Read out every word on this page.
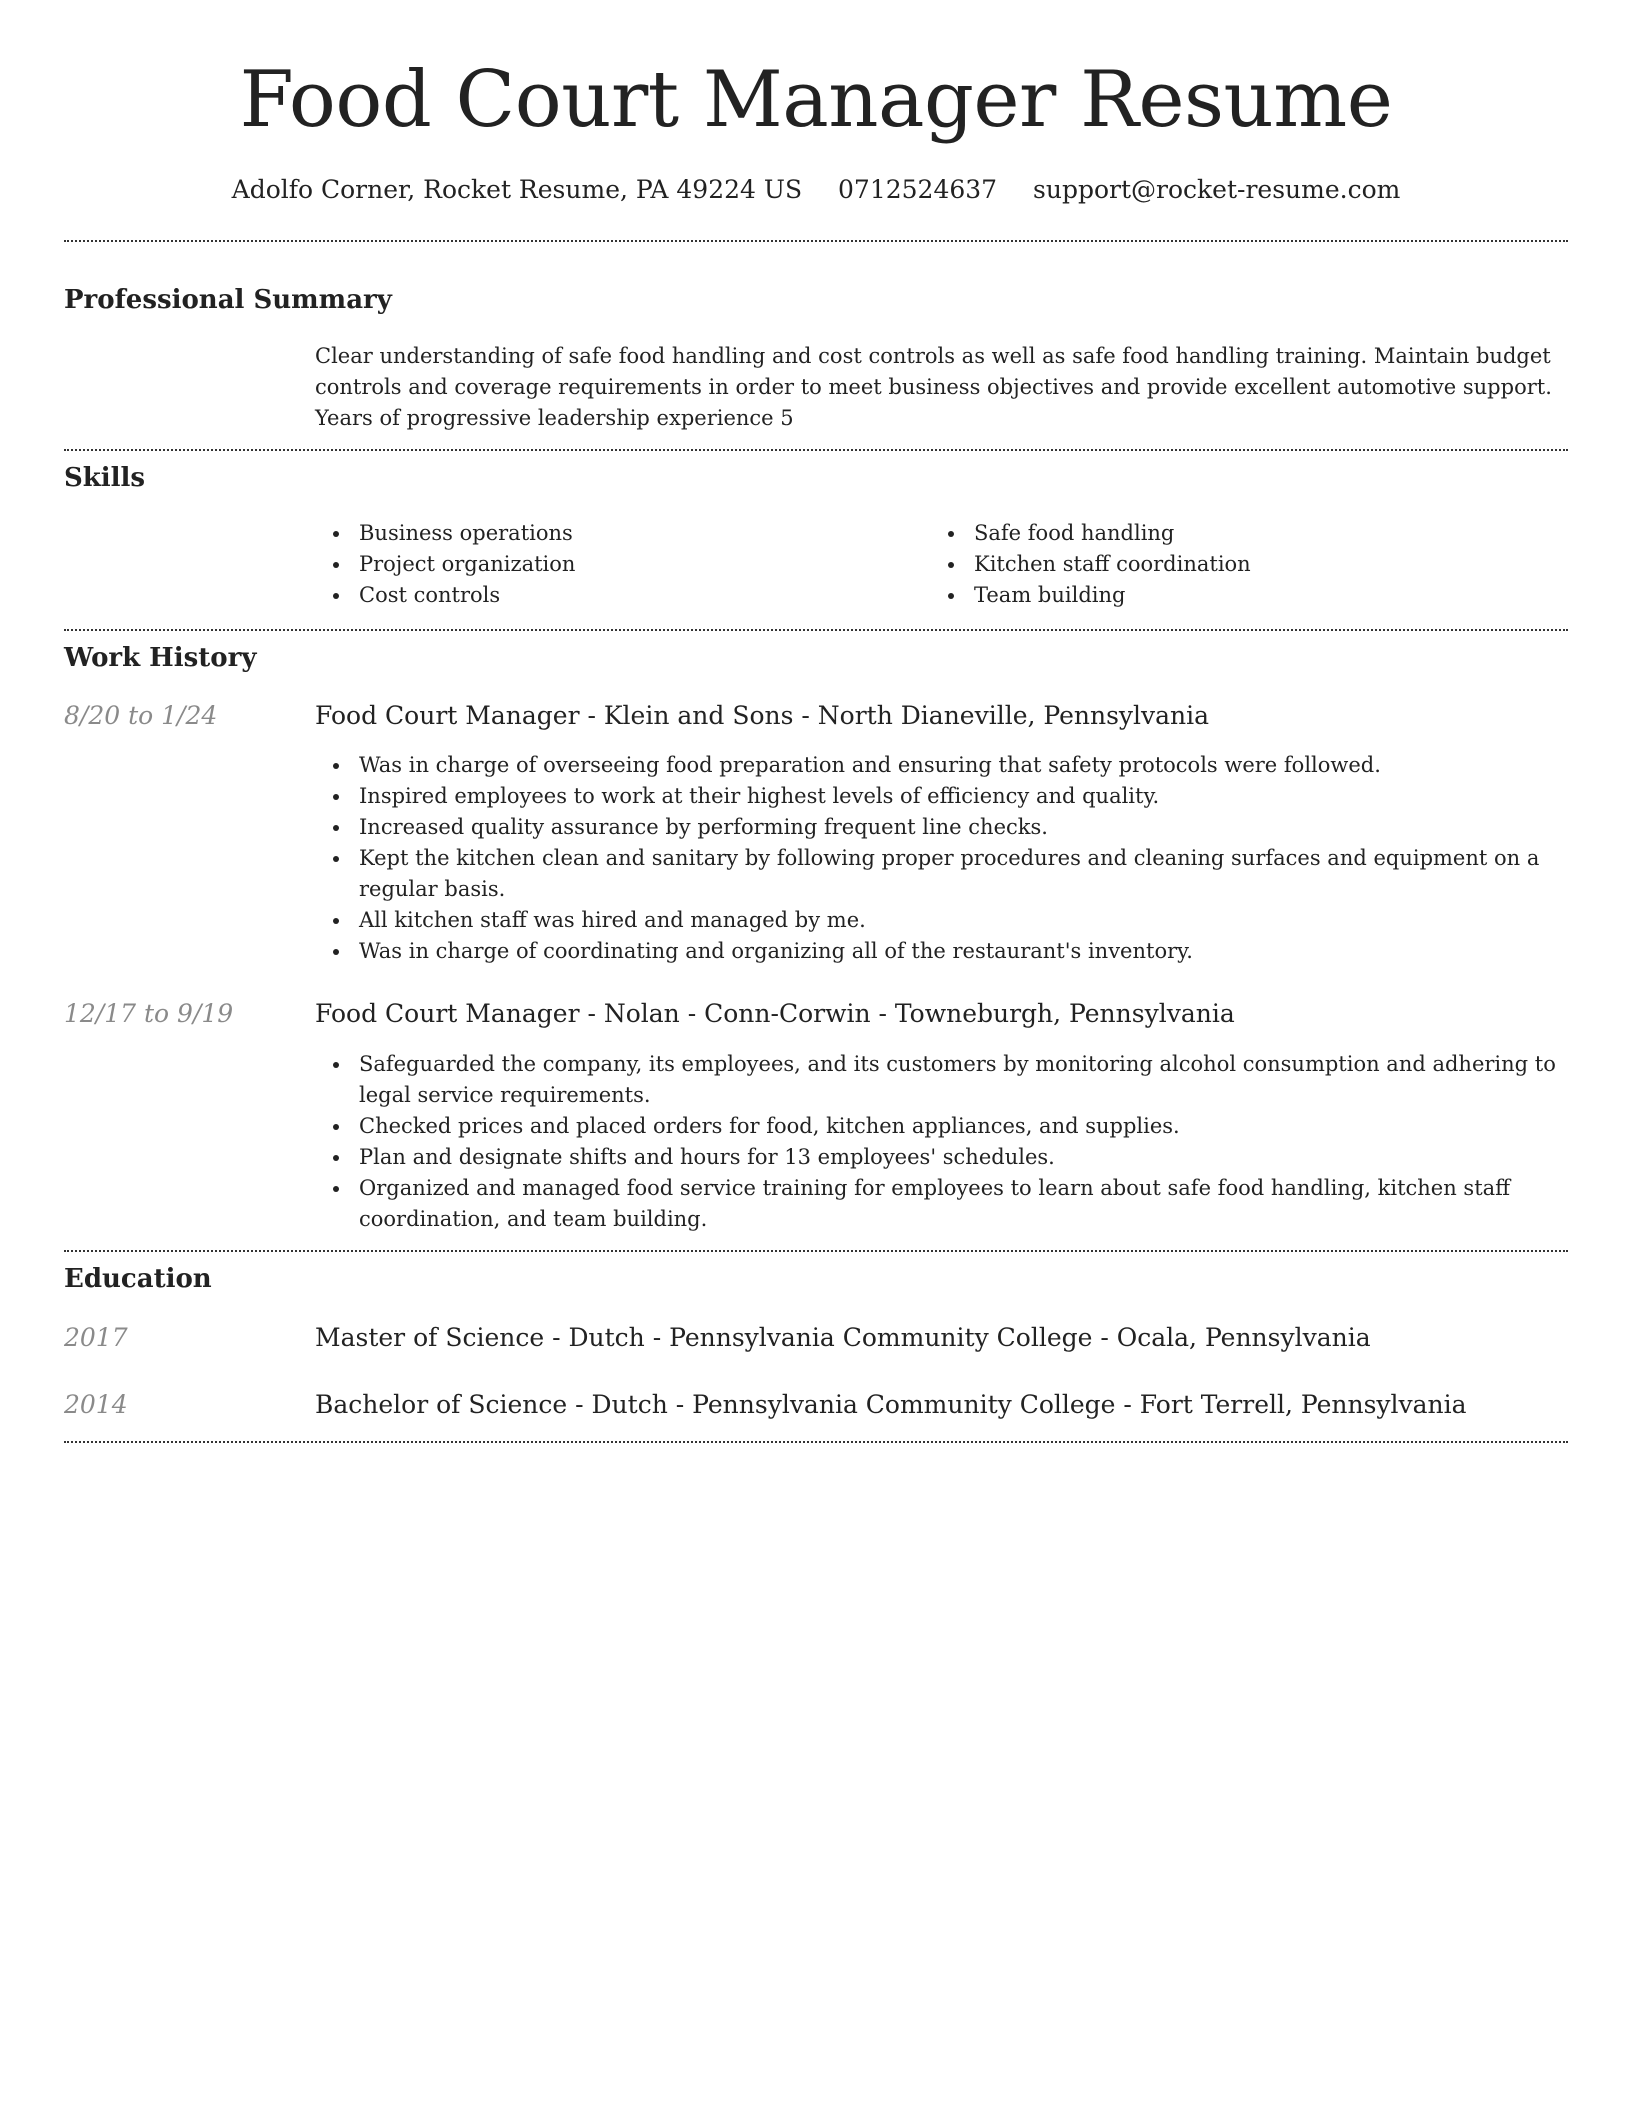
Food Court Manager Resume
Adolfo Corner, Rocket Resume, PA 49224 US 0712524637 support@rocket-resume.com
Professional Summary

Clear understanding of safe food handling and cost controls as well as safe food handling training. Maintain budget controls and coverage requirements in order to meet business objectives and provide excellent automotive support. Years of progressive leadership experience 5

Skills
Business operations
Project organization
Cost controls
Safe food handling
Kitchen staff coordination
Team building
Work History
8/20 to 1/24	Food Court Manager - Klein and Sons - North Dianeville, Pennsylvania
Was in charge of overseeing food preparation and ensuring that safety protocols were followed.
Inspired employees to work at their highest levels of efficiency and quality.
Increased quality assurance by performing frequent line checks.
Kept the kitchen clean and sanitary by following proper procedures and cleaning surfaces and equipment on a regular basis.
All kitchen staff was hired and managed by me.
Was in charge of coordinating and organizing all of the restaurant's inventory.
12/17 to 9/19	Food Court Manager - Nolan - Conn-Corwin - Towneburgh, Pennsylvania
Safeguarded the company, its employees, and its customers by monitoring alcohol consumption and adhering to legal service requirements.
Checked prices and placed orders for food, kitchen appliances, and supplies.
Plan and designate shifts and hours for 13 employees' schedules.
Organized and managed food service training for employees to learn about safe food handling, kitchen staff coordination, and team building.
Education
2017	Master of Science - Dutch - Pennsylvania Community College - Ocala, Pennsylvania
2014	Bachelor of Science - Dutch - Pennsylvania Community College - Fort Terrell, Pennsylvania
